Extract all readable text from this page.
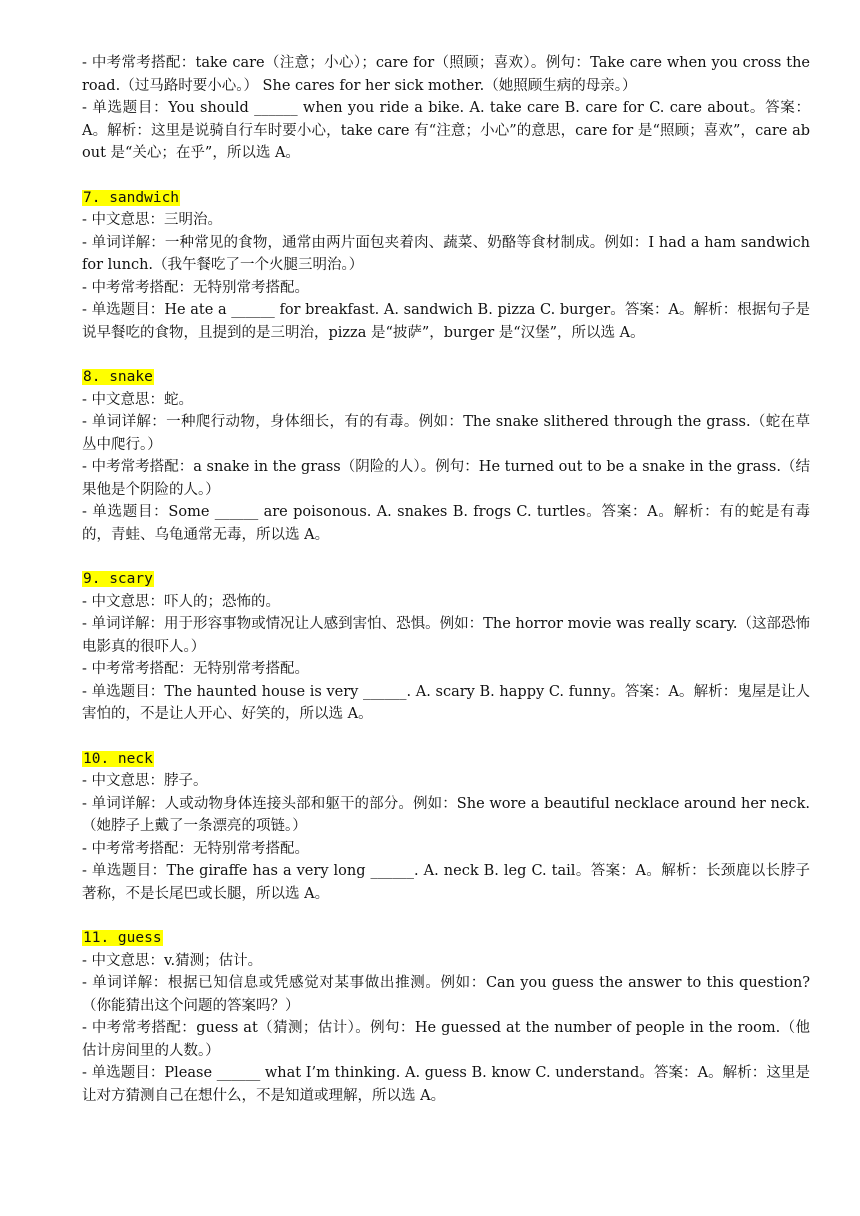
- 中考常考搭配：take care（注意；小心）；care for（照顾；喜欢）。例句：Take care when you cross the road.（过马路时要小心。） She cares for her sick mother.（她照顾生病的母亲。）

- 单选题目：You should ______ when you ride a bike. A. take care B. care for C. care about。答案：A。解析：这里是说骑自行车时要小心，take care 有“注意；小心”的意思，care for 是“照顾；喜欢”，care about 是“关心；在乎”，所以选 A。

7. sandwich

- 中文意思：三明治。

- 单词详解：一种常见的食物，通常由两片面包夹着肉、蔬菜、奶酪等食材制成。例如：I had a ham sandwich for lunch.（我午餐吃了一个火腿三明治。）

- 中考常考搭配：无特别常考搭配。

- 单选题目：He ate a ______ for breakfast. A. sandwich B. pizza C. burger。答案：A。解析：根据句子是说早餐吃的食物，且提到的是三明治，pizza 是“披萨”，burger 是“汉堡”，所以选 A。

8. snake

- 中文意思：蛇。

- 单词详解：一种爬行动物，身体细长，有的有毒。例如：The snake slithered through the grass.（蛇在草丛中爬行。）

- 中考常考搭配：a snake in the grass（阴险的人）。例句：He turned out to be a snake in the grass.（结果他是个阴险的人。）

- 单选题目：Some ______ are poisonous. A. snakes B. frogs C. turtles。答案：A。解析：有的蛇是有毒的，青蛙、乌龟通常无毒，所以选 A。

9. scary

- 中文意思：吓人的；恐怖的。

- 单词详解：用于形容事物或情况让人感到害怕、恐惧。例如：The horror movie was really scary.（这部恐怖电影真的很吓人。）

- 中考常考搭配：无特别常考搭配。

- 单选题目：The haunted house is very ______. A. scary B. happy C. funny。答案：A。解析：鬼屋是让人害怕的，不是让人开心、好笑的，所以选 A。

10. neck

- 中文意思：脖子。

- 单词详解：人或动物身体连接头部和躯干的部分。例如：She wore a beautiful necklace around her neck.（她脖子上戴了一条漂亮的项链。）

- 中考常考搭配：无特别常考搭配。

- 单选题目：The giraffe has a very long ______. A. neck B. leg C. tail。答案：A。解析：长颈鹿以长脖子著称，不是长尾巴或长腿，所以选 A。

11. guess

- 中文意思：v.猜测；估计。

- 单词详解：根据已知信息或凭感觉对某事做出推测。例如：Can you guess the answer to this question?（你能猜出这个问题的答案吗？）

- 中考常考搭配：guess at（猜测；估计）。例句：He guessed at the number of people in the room.（他估计房间里的人数。）

- 单选题目：Please ______ what I’m thinking. A. guess B. know C. understand。答案：A。解析：这里是让对方猜测自己在想什么，不是知道或理解，所以选 A。
